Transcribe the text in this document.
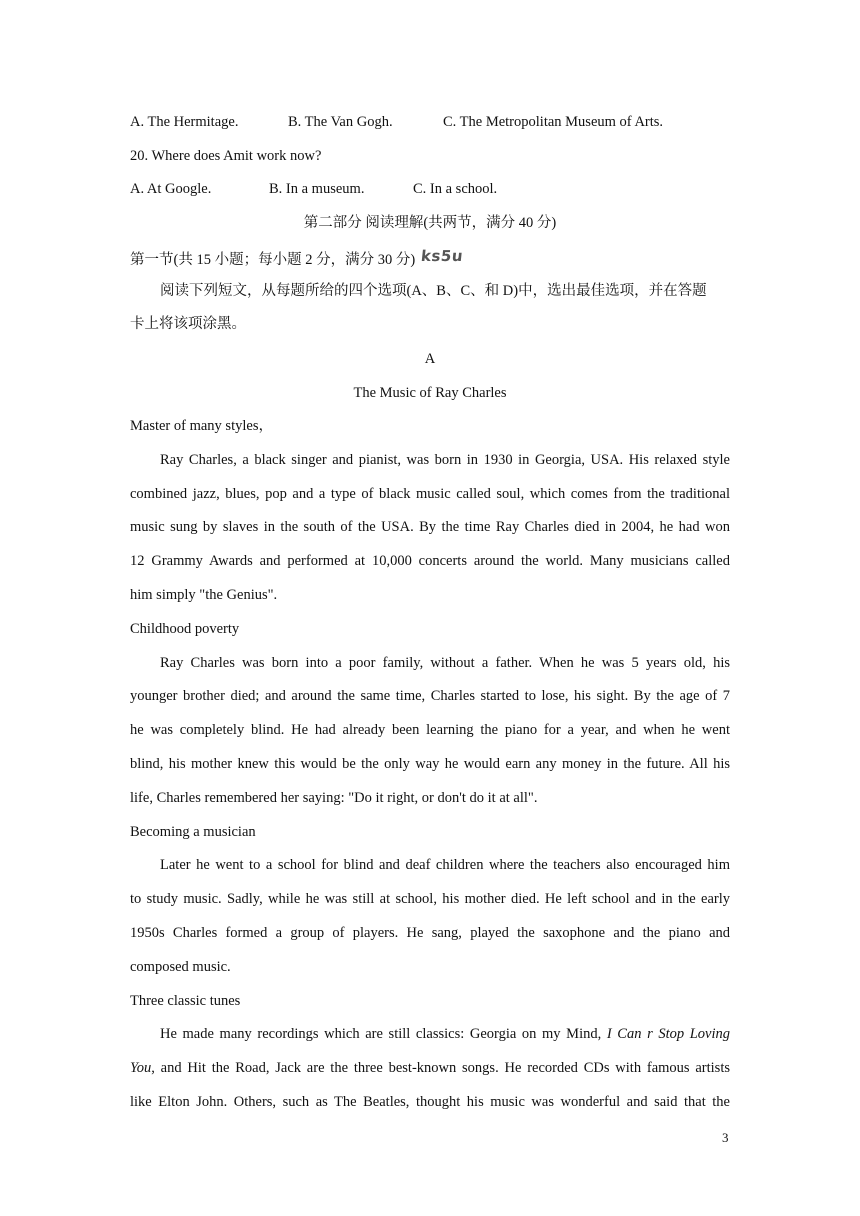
A. The Hermitage.	B. The Van Gogh.	C. The Metropolitan Museum of Arts.
20. Where does Amit work now?
A. At Google.	B. In a museum.	C. In a school.
第二部分 阅读理解(共两节，满分 40 分)
第一节(共 15 小题；每小题 2 分，满分 30 分) ks5u
阅读下列短文，从每题所给的四个选项(A、B、C、和 D)中，选出最佳选项，并在答题
卡上将该项涂黑。
A
The Music of Ray Charles
Master of many styles，
Ray Charles, a black singer and pianist, was born in 1930 in Georgia, USA. His relaxed style
combined jazz, blues, pop and a type of black music called soul, which comes from the traditional
music sung by slaves in the south of the USA. By the time Ray Charles died in 2004, he had won
12 Grammy Awards and performed at 10,000 concerts around the world. Many musicians called
him simply "the Genius".
Childhood poverty
Ray Charles was born into a poor family, without a father. When he was 5 years old, his
younger brother died; and around the same time, Charles started to lose, his sight. By the age of 7
he was completely blind. He had already been learning the piano for a year, and when he went
blind, his mother knew this would be the only way he would earn any money in the future. All his
life, Charles remembered her saying: "Do it right, or don't do it at all".
Becoming a musician
Later he went to a school for blind and deaf children where the teachers also encouraged him
to study music. Sadly, while he was still at school, his mother died. He left school and in the early
1950s Charles formed a group of players. He sang, played the saxophone and the piano and
composed music.
Three classic tunes
He made many recordings which are still classics: Georgia on my Mind, I Can r Stop Loving
You, and Hit the Road, Jack are the three best-known songs. He recorded CDs with famous artists
like Elton John. Others, such as The Beatles, thought his music was wonderful and said that the
3
